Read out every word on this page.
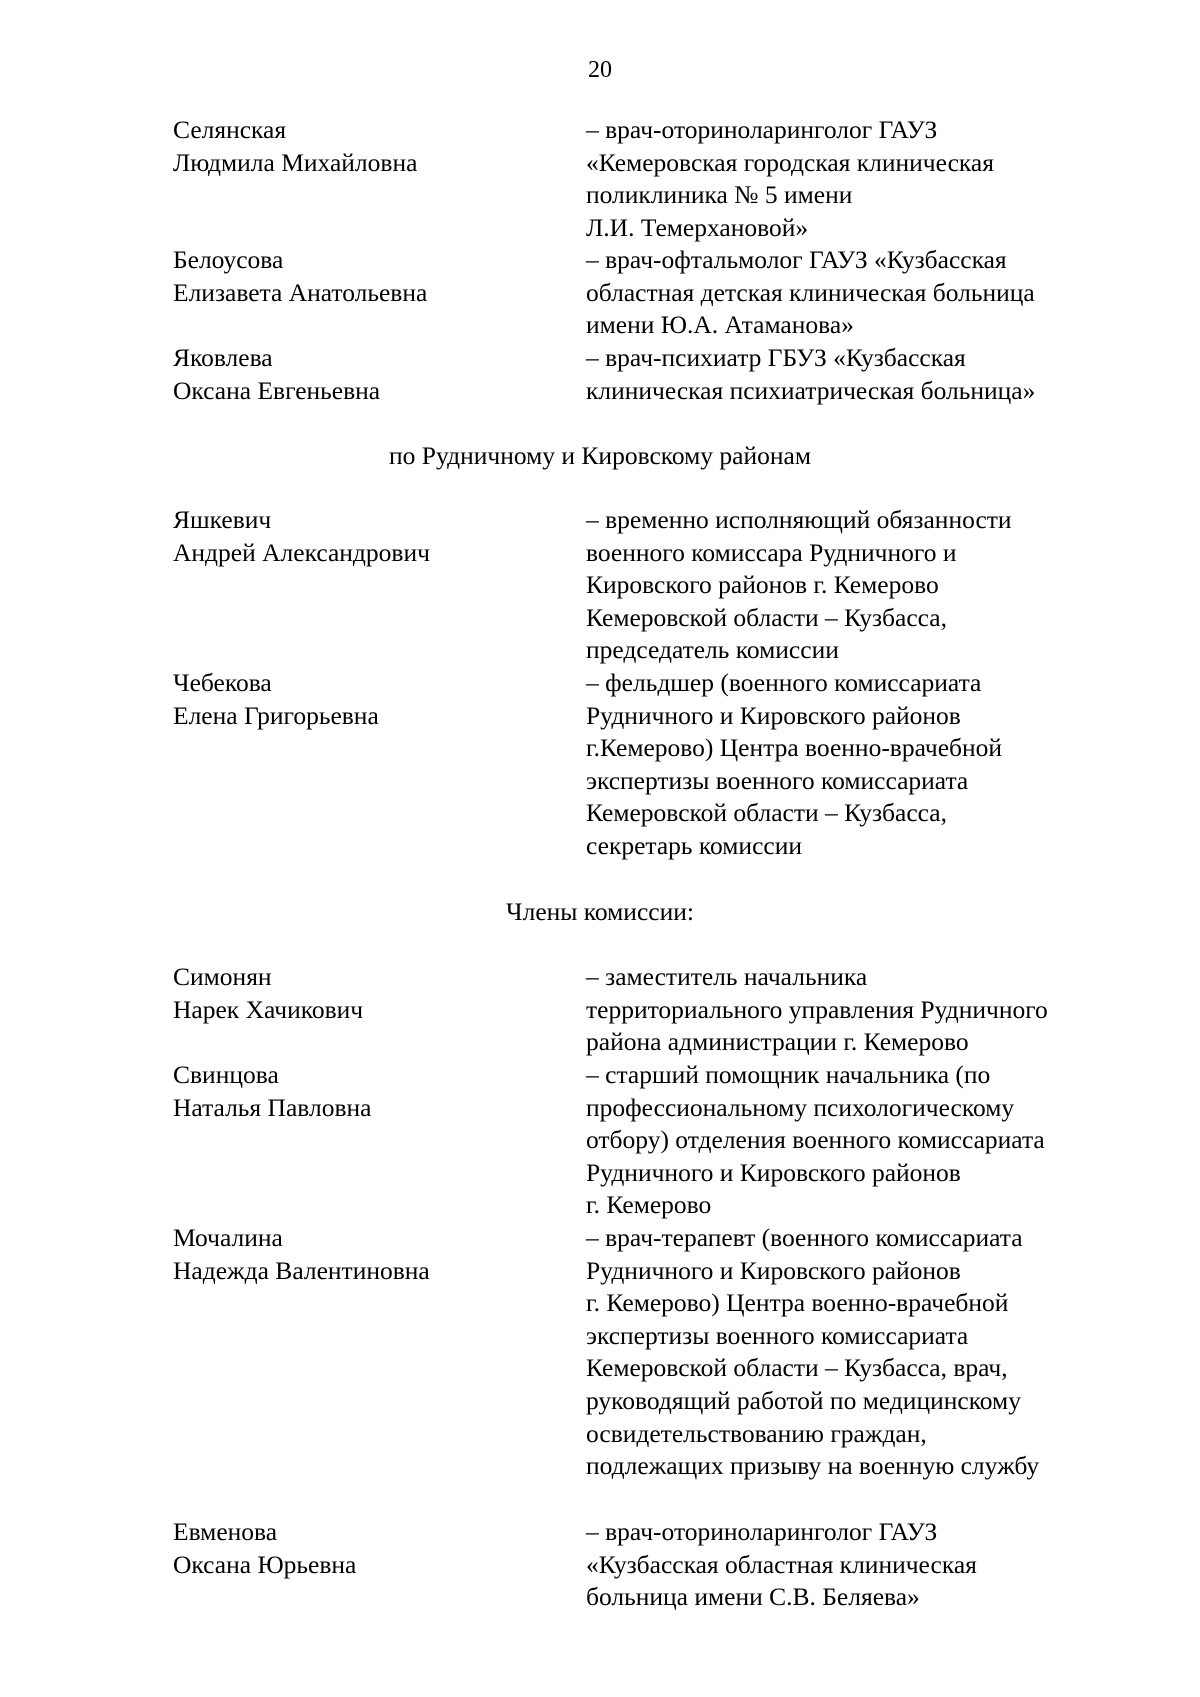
20
Селянская
Людмила Михайловна
– врач-оториноларинголог ГАУЗ
«Кемеровская городская клиническая
поликлиника № 5 имени
Л.И. Темерхановой»
Белоусова
Елизавета Анатольевна
– врач-офтальмолог ГАУЗ «Кузбасская
областная детская клиническая больница
имени Ю.А. Атаманова»
Яковлева
Оксана Евгеньевна
– врач-психиатр ГБУЗ «Кузбасская
клиническая психиатрическая больница»
по Рудничному и Кировскому районам
Яшкевич
Андрей Александрович
– временно исполняющий обязанности
военного комиссара Рудничного и
Кировского районов г. Кемерово
Кемеровской области – Кузбасса,
председатель комиссии
Чебекова
Елена Григорьевна
– фельдшер (военного комиссариата
Рудничного и Кировского районов
г.Кемерово) Центра военно-врачебной
экспертизы военного комиссариата
Кемеровской области – Кузбасса,
секретарь комиссии
Члены комиссии:
Симонян
Нарек Хачикович
– заместитель начальника
территориального управления Рудничного
района администрации г. Кемерово
Свинцова
Наталья Павловна
– старший помощник начальника (по
профессиональному психологическому
отбору) отделения военного комиссариата
Рудничного и Кировского районов
г. Кемерово
Мочалина
Надежда Валентиновна
– врач-терапевт (военного комиссариата
Рудничного и Кировского районов
г. Кемерово) Центра военно-врачебной
экспертизы военного комиссариата
Кемеровской области – Кузбасса, врач,
руководящий работой по медицинскому
освидетельствованию граждан,
подлежащих призыву на военную службу
Евменова
Оксана Юрьевна
– врач-оториноларинголог ГАУЗ
«Кузбасская областная клиническая
больница имени С.В. Беляева»
